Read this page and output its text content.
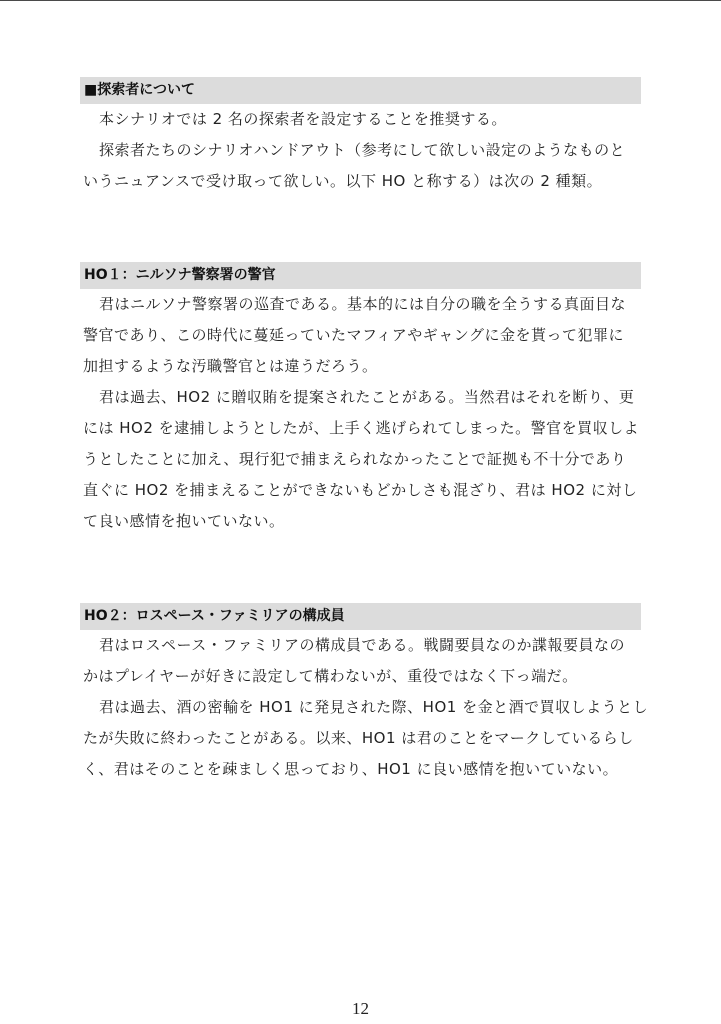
■探索者について
本シナリオでは 2 名の探索者を設定することを推奨する。
探索者たちのシナリオハンドアウト（参考にして欲しい設定のようなものと
いうニュアンスで受け取って欲しい。以下 HO と称する）は次の 2 種類。
HO１：ニルソナ警察署の警官
君はニルソナ警察署の巡査である。基本的には自分の職を全うする真面目な
警官であり、この時代に蔓延っていたマフィアやギャングに金を貰って犯罪に
加担するような汚職警官とは違うだろう。
君は過去、HO2 に贈収賄を提案されたことがある。当然君はそれを断り、更
には HO2 を逮捕しようとしたが、上手く逃げられてしまった。警官を買収しよ
うとしたことに加え、現行犯で捕まえられなかったことで証拠も不十分であり
直ぐに HO2 を捕まえることができないもどかしさも混ざり、君は HO2 に対し
て良い感情を抱いていない。
HO２：ロスペース・ファミリアの構成員
君はロスペース・ファミリアの構成員である。戦闘要員なのか諜報要員なの
かはプレイヤーが好きに設定して構わないが、重役ではなく下っ端だ。
君は過去、酒の密輸を HO1 に発見された際、HO1 を金と酒で買収しようとし
たが失敗に終わったことがある。以来、HO1 は君のことをマークしているらし
く、君はそのことを疎ましく思っており、HO1 に良い感情を抱いていない。
12
